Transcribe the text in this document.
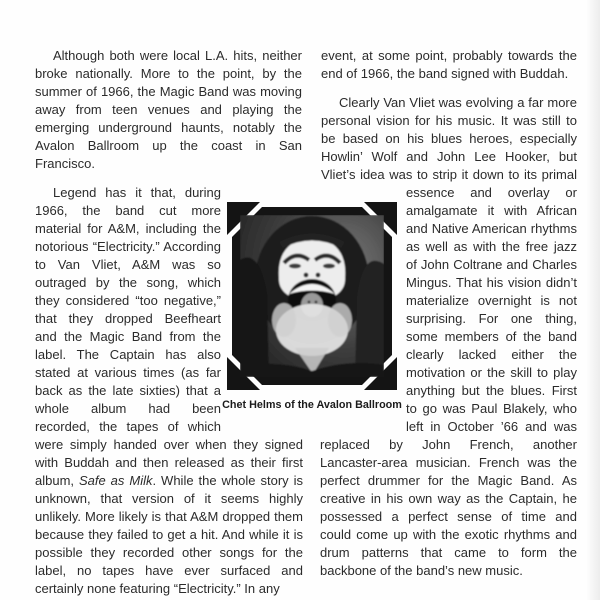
Although both were local L.A. hits, neither broke nationally. More to the point, by the summer of 1966, the Magic Band was moving away from teen venues and playing the emerging underground haunts, notably the Avalon Ballroom up the coast in San Francisco.

Legend has it that, during 1966, the band cut more material for A&M, including the notorious “Electricity.” According to Van Vliet, A&M was so outraged by the song, which they considered “too negative,” that they dropped Beefheart and the Magic Band from the label. The Captain has also stated at various times (as far back as the late sixties) that a whole album had been recorded, the tapes of which were simply handed over when they signed with Buddah and then released as their first album, Safe as Milk. While the whole story is unknown, that version of it seems highly unlikely. More likely is that A&M dropped them because they failed to get a hit. And while it is possible they recorded other songs for the label, no tapes have ever surfaced and certainly none featuring “Electricity.” In any

event, at some point, probably towards the end of 1966, the band signed with Buddah.

Clearly Van Vliet was evolving a far more personal vision for his music. It was still to be based on his blues heroes, especially Howlin’ Wolf and John Lee Hooker, but Vliet’s idea was to strip it down to its primal essence and overlay or amalgamate it with African and Native American rhythms as well as with the free jazz of John Coltrane and Charles Mingus. That his vision didn’t materialize overnight is not surprising. For one thing, some members of the band clearly lacked either the motivation or the skill to play anything but the blues. First to go was Paul Blakely, who left in October ’66 and was replaced by John French, another Lancaster-area musician. French was the perfect drummer for the Magic Band. As creative in his own way as the Captain, he possessed a perfect sense of time and could come up with the exotic rhythms and drum patterns that came to form the backbone of the band’s new music.

Chet Helms of the Avalon Ballroom
